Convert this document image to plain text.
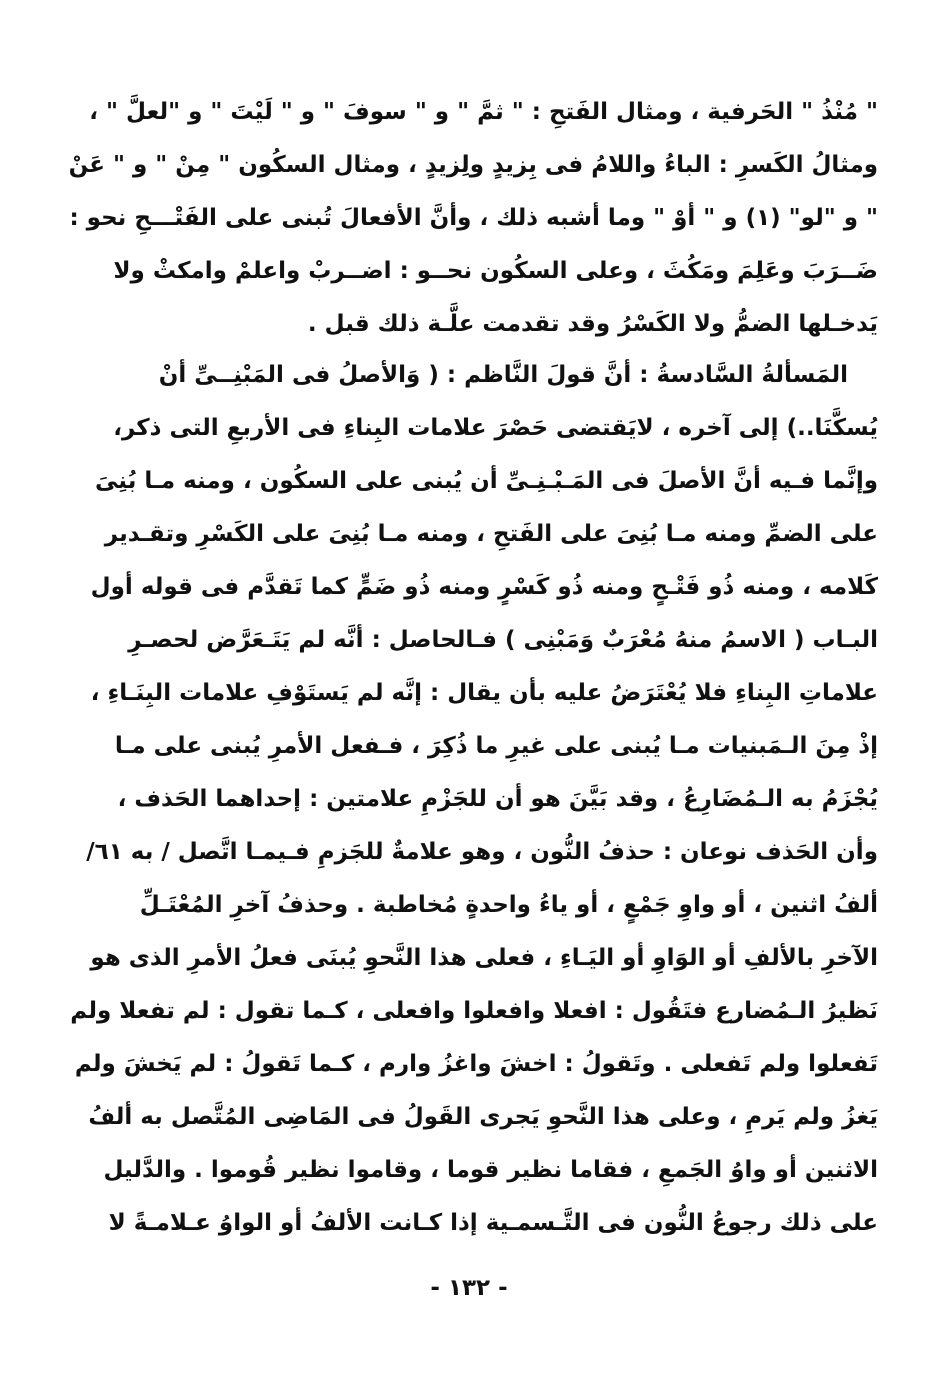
" مُنْذُ " الحَرفية ، ومثال الفَتحِ : " ثمَّ " و " سوفَ " و " لَيْتَ " و "لعلَّ " ،
ومثالُ الكَسرِ : الباءُ واللامُ فى بِزيدٍ ولِزيدٍ ، ومثال السكُون " مِنْ " و " عَنْ
" و "لو" (١) و " أوْ " وما أشبه ذلك ، وأنَّ الأفعالَ تُبنى على الفَتْـــحِ نحو :
ضَــرَبَ وعَلِمَ ومَكُثَ ، وعلى السكُون نحــو : اضــربْ واعلمْ وامكثْ ولا
يَدخـلها الضمُّ ولا الكَسْرُ وقد تقدمت علَّـة ذلك قبل .
المَسألةُ السَّادسةُ : أنَّ قولَ النَّاظم : ( وَالأصلُ فى المَبْنِــىِّ أنْ
يُسكَّنَا..) إلى آخره ، لايَقتضى حَصْرَ علامات البِناءِ فى الأربعِ التى ذكر،
وإنَّما فـيه أنَّ الأصلَ فى المَـبْـنِـىِّ أن يُبنى على السكُون ، ومنه مـا بُنِىَ
على الضمِّ ومنه مـا بُنِىَ على الفَتحِ ، ومنه مـا بُنِىَ على الكَسْرِ وتقـدير
كَلامه ، ومنه ذُو فَتْـحٍ ومنه ذُو كَسْرٍ ومنه ذُو ضَمٍّ كما تَقدَّم فى قوله أول
البـاب ( الاسمُ منهُ مُعْرَبٌ وَمَبْنِى ) فـالحاصل : أنَّه لم يَتَـعَرَّض لحصـرِ
علاماتِ البِناءِ فلا يُعْتَرَضُ عليه بأن يقال : إنَّه لم يَستَوْفِ علامات البِنَـاءِ ،
إذْ مِنَ الـمَبنيات مـا يُبنى على غيرِ ما ذُكِرَ ، فـفعل الأمرِ يُبنى على مـا
يُجْزَمُ به الـمُضَارِعُ ، وقد بَيَّنَ هو أن للجَزْمِ علامتين : إحداهما الحَذف ،
وأن الحَذف نوعان : حذفُ النُّون ، وهو علامةٌ للجَزمِ فـيمـا اتَّصل / به ٦١/
ألفُ اثنين ، أو واوِ جَمْعٍ ، أو ياءُ واحدةٍ مُخاطبة . وحذفُ آخرِ المُعْتَـلِّ
الآخرِ بالألفِ أو الوَاوِ أو اليَـاءِ ، فعلى هذا النَّحوِ يُبنَى فعلُ الأمرِ الذى هو
نَظيرُ الـمُضارع فتَقُول : افعلا وافعلوا وافعلى ، كـما تقول : لم تفعلا ولم
تَفعلوا ولم تَفعلى . وتَقولُ : اخشَ واغزُ وارم ، كـما تَقولُ : لم يَخشَ ولم
يَغزُ ولم يَرمِ ، وعلى هذا النَّحوِ يَجرى القَولُ فى المَاضِى المُتَّصل به ألفُ
الاثنين أو واوُ الجَمعِ ، فقاما نظير قوما ، وقاموا نظير قُوموا . والدَّليل
على ذلك رجوعُ النُّون فى التَّـسمـية إذا كـانت الألفُ أو الواوُ عـلامـةً لا
- ١٣٢ -
